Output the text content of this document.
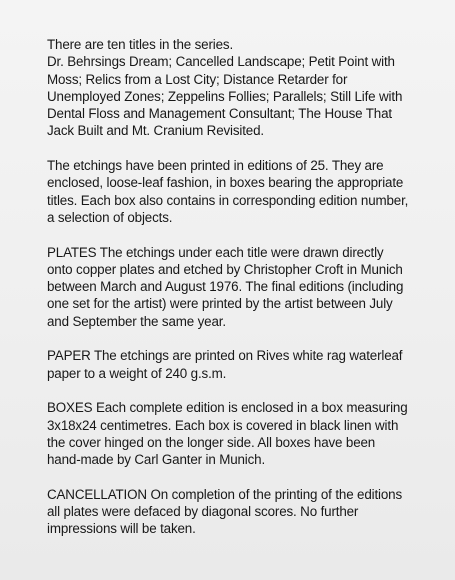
There are ten titles in the series.
Dr. Behrsings Dream; Cancelled Landscape; Petit Point with
Moss; Relics from a Lost City; Distance Retarder for
Unemployed Zones; Zeppelins Follies; Parallels; Still Life with
Dental Floss and Management Consultant; The House That
Jack Built and Mt. Cranium Revisited.

The etchings have been printed in editions of 25. They are
enclosed, loose-leaf fashion, in boxes bearing the appropriate
titles. Each box also contains in corresponding edition number,
a selection of objects.

PLATES The etchings under each title were drawn directly
onto copper plates and etched by Christopher Croft in Munich
between March and August 1976. The final editions (including
one set for the artist) were printed by the artist between July
and September the same year.

PAPER The etchings are printed on Rives white rag waterleaf
paper to a weight of 240 g.s.m.

BOXES Each complete edition is enclosed in a box measuring
3x18x24 centimetres. Each box is covered in black linen with
the cover hinged on the longer side. All boxes have been
hand-made by Carl Ganter in Munich.

CANCELLATION On completion of the printing of the editions
all plates were defaced by diagonal scores. No further
impressions will be taken.
